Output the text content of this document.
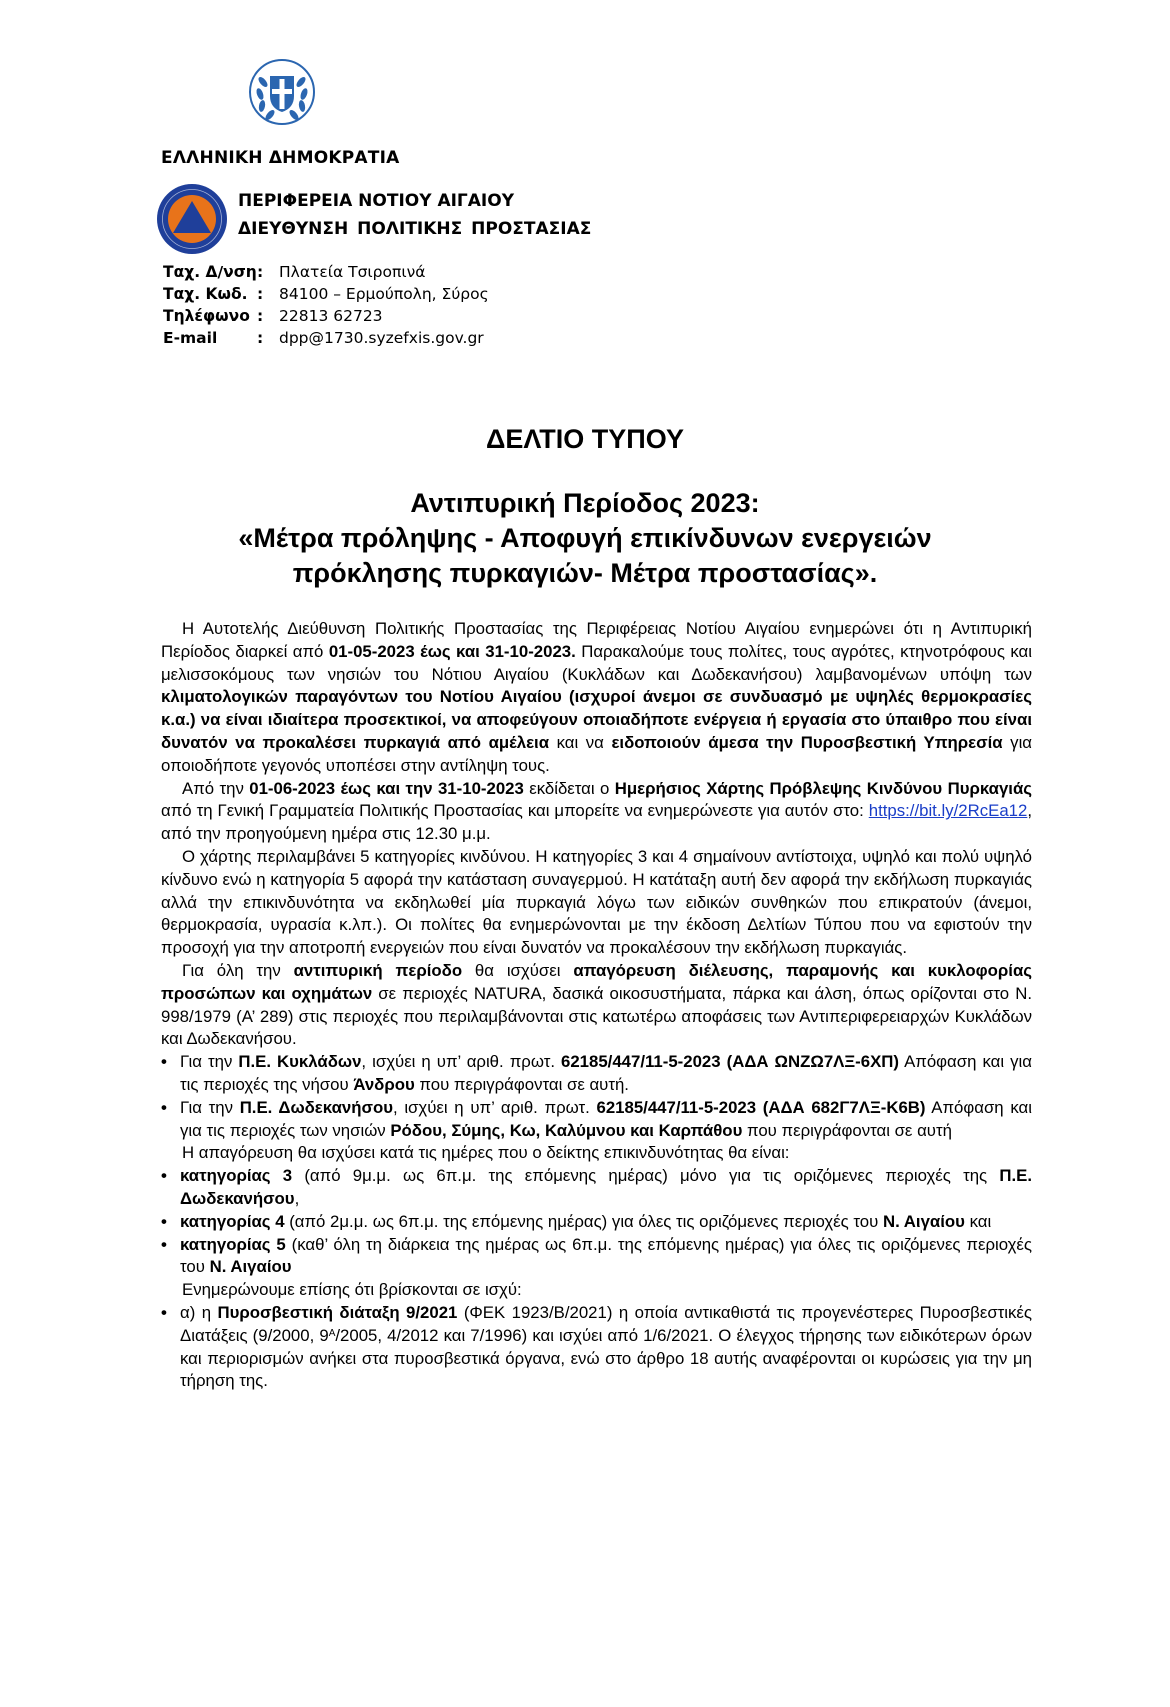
ΕΛΛΗΝΙΚΗ ΔΗΜΟΚΡΑΤΙΑ
ΠΕΡΙΦΕΡΕΙΑ ΝΟΤΙΟΥ ΑΙΓΑΙΟΥ
ΔΙΕΥΘΥΝΣΗ ΠΟΛΙΤΙΚΗΣ ΠΡΟΣΤΑΣΙΑΣ
Ταχ. Δ/νση :	Πλατεία Τσιροπινά
Ταχ. Κωδ. :	84100 – Ερμούπολη, Σύρος
Τηλέφωνο :	22813 62723
E-mail	:	dpp@1730.syzefxis.gov.gr
ΔΕΛΤΙΟ ΤΥΠΟΥ
Αντιπυρική Περίοδος 2023:
«Μέτρα πρόληψης - Αποφυγή επικίνδυνων ενεργειών
πρόκλησης πυρκαγιών- Μέτρα προστασίας».

Η Αυτοτελής Διεύθυνση Πολιτικής Προστασίας της Περιφέρειας Νοτίου Αιγαίου ενημερώνει ότι η Αντιπυρική Περίοδος διαρκεί από 01-05-2023 έως και 31-10-2023. Παρακαλούμε τους πολίτες, τους αγρότες, κτηνοτρόφους και μελισσοκόμους των νησιών του Νότιου Αιγαίου (Κυκλάδων και Δωδεκανήσου) λαμβανομένων υπόψη των κλιματολογικών παραγόντων του Νοτίου Αιγαίου (ισχυροί άνεμοι σε συνδυασμό με υψηλές θερμοκρασίες κ.α.) να είναι ιδιαίτερα προσεκτικοί, να αποφεύγουν οποιαδήποτε ενέργεια ή εργασία στο ύπαιθρο που είναι δυνατόν να προκαλέσει πυρκαγιά από αμέλεια και να ειδοποιούν άμεσα την Πυροσβεστική Υπηρεσία για οποιοδήποτε γεγονός υποπέσει στην αντίληψη τους.

Από την 01-06-2023 έως και την 31-10-2023 εκδίδεται ο Ημερήσιος Χάρτης Πρόβλεψης Κινδύνου Πυρκαγιάς από τη Γενική Γραμματεία Πολιτικής Προστασίας και μπορείτε να ενημερώνεστε για αυτόν στο: https://bit.ly/2RcEa12, από την προηγούμενη ημέρα στις 12.30 μ.μ.

Ο χάρτης περιλαμβάνει 5 κατηγορίες κινδύνου. Η κατηγορίες 3 και 4 σημαίνουν αντίστοιχα, υψηλό και πολύ υψηλό κίνδυνο ενώ η κατηγορία 5 αφορά την κατάσταση συναγερμού. Η κατάταξη αυτή δεν αφορά την εκδήλωση πυρκαγιάς αλλά την επικινδυνότητα να εκδηλωθεί μία πυρκαγιά λόγω των ειδικών συνθηκών που επικρατούν (άνεμοι, θερμοκρασία, υγρασία κ.λπ.). Οι πολίτες θα ενημερώνονται με την έκδοση Δελτίων Τύπου που να εφιστούν την προσοχή για την αποτροπή ενεργειών που είναι δυνατόν να προκαλέσουν την εκδήλωση πυρκαγιάς.

Για όλη την αντιπυρική περίοδο θα ισχύσει απαγόρευση διέλευσης, παραμονής και κυκλοφορίας προσώπων και οχημάτων σε περιοχές NATURA, δασικά οικοσυστήματα, πάρκα και άλση, όπως ορίζονται στο Ν. 998/1979 (Α’ 289) στις περιοχές που περιλαμβάνονται στις κατωτέρω αποφάσεις των Αντιπεριφερειαρχών Κυκλάδων και Δωδεκανήσου.

• Για την Π.Ε. Κυκλάδων, ισχύει η υπ’ αριθ. πρωτ. 62185/447/11-5-2023 (ΑΔΑ ΩΝΖΩ7ΛΞ-6ΧΠ) Απόφαση και για τις περιοχές της νήσου Άνδρου που περιγράφονται σε αυτή.

• Για την Π.Ε. Δωδεκανήσου, ισχύει η υπ’ αριθ. πρωτ. 62185/447/11-5-2023 (ΑΔΑ 682Γ7ΛΞ-Κ6Β) Απόφαση και για τις περιοχές των νησιών Ρόδου, Σύμης, Κω, Καλύμνου και Καρπάθου που περιγράφονται σε αυτή

Η απαγόρευση θα ισχύσει κατά τις ημέρες που ο δείκτης επικινδυνότητας θα είναι:

• κατηγορίας 3 (από 9μ.μ. ως 6π.μ. της επόμενης ημέρας) μόνο για τις οριζόμενες περιοχές της Π.Ε. Δωδεκανήσου,

• κατηγορίας 4 (από 2μ.μ. ως 6π.μ. της επόμενης ημέρας) για όλες τις οριζόμενες περιοχές του Ν. Αιγαίου και

• κατηγορίας 5 (καθ’ όλη τη διάρκεια της ημέρας ως 6π.μ. της επόμενης ημέρας) για όλες τις οριζόμενες περιοχές του Ν. Αιγαίου

Ενημερώνουμε επίσης ότι βρίσκονται σε ισχύ:

• α) η Πυροσβεστική διάταξη 9/2021 (ΦΕΚ 1923/Β/2021) η οποία αντικαθιστά τις προγενέστερες Πυροσβεστικές Διατάξεις (9/2000, $9^A/2005$, 4/2012 και 7/1996) και ισχύει από 1/6/2021. Ο έλεγχος τήρησης των ειδικότερων όρων και περιορισμών ανήκει στα πυροσβεστικά όργανα, ενώ στο άρθρο 18 αυτής αναφέρονται οι κυρώσεις για την μη τήρηση της.
